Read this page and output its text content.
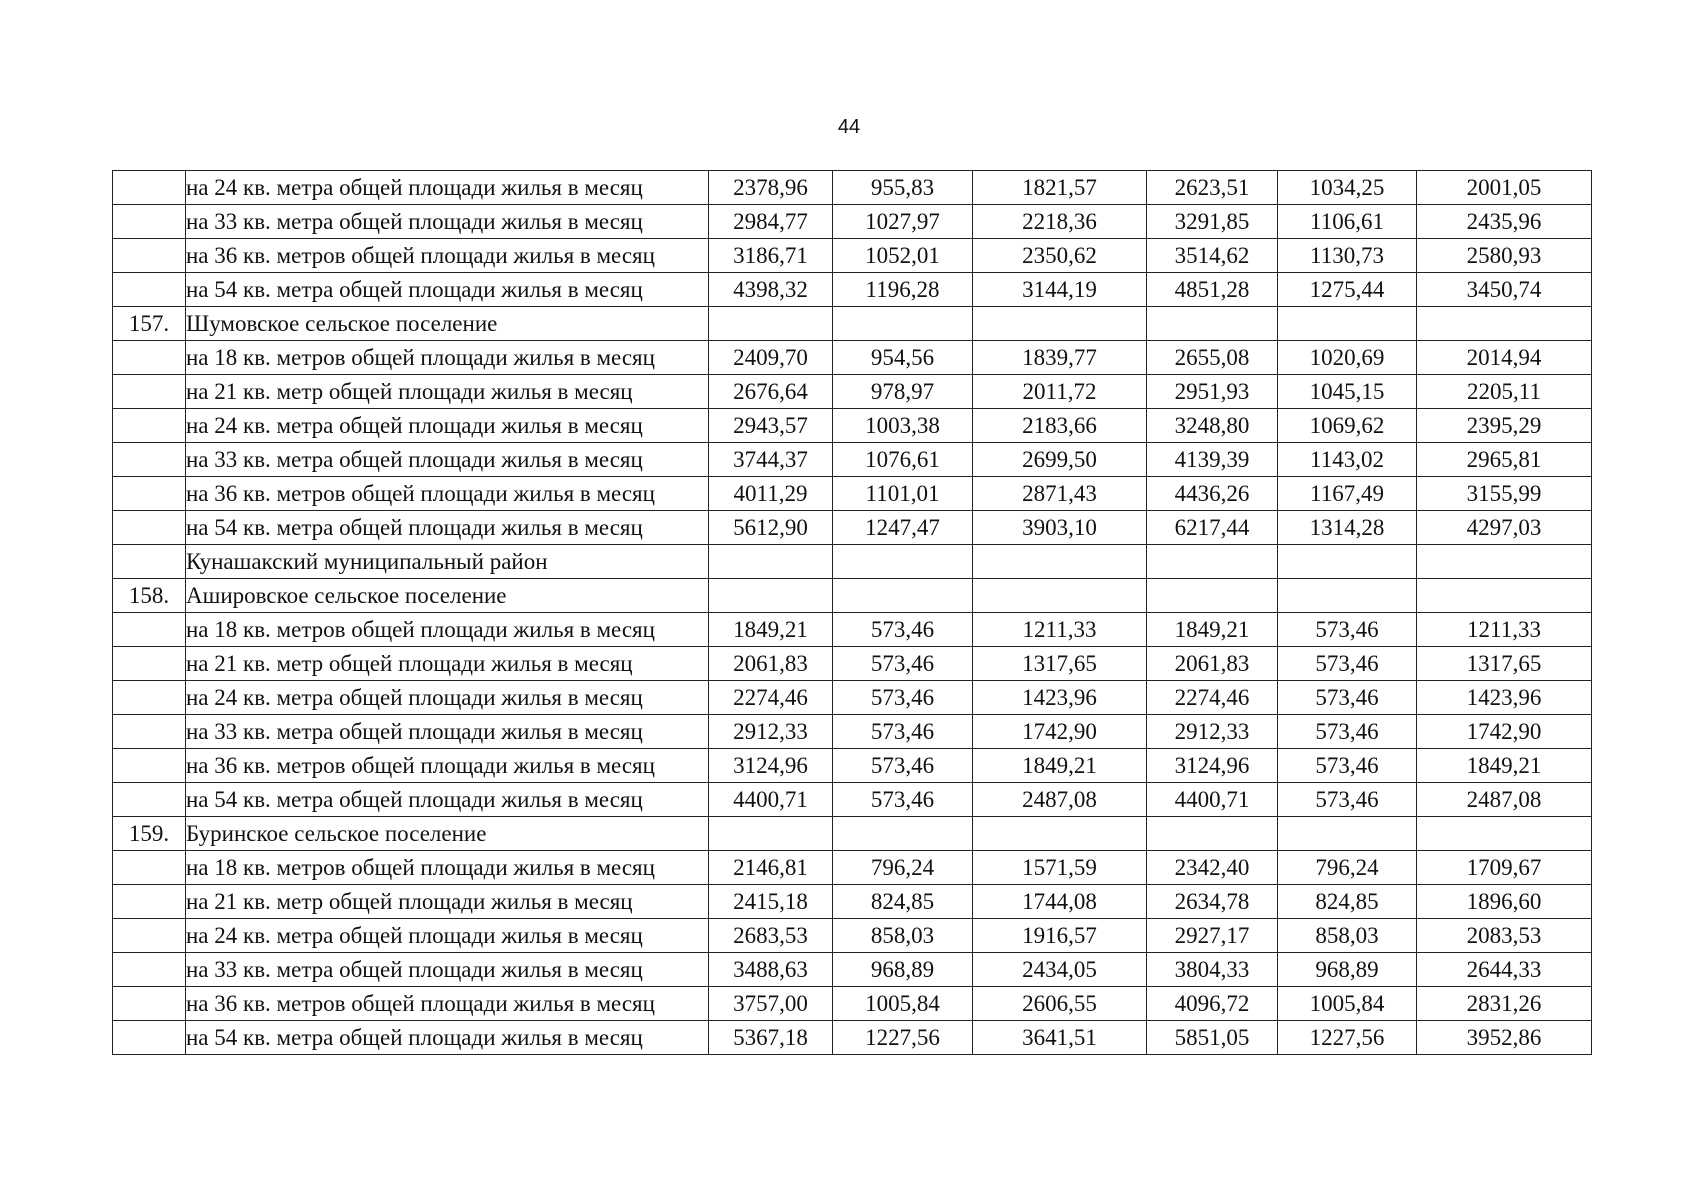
44
	на 24 кв. метра общей площади жилья в месяц	2378,96	955,83	1821,57	2623,51	1034,25	2001,05
	на 33 кв. метра общей площади жилья в месяц	2984,77	1027,97	2218,36	3291,85	1106,61	2435,96
	на 36 кв. метров общей площади жилья в месяц	3186,71	1052,01	2350,62	3514,62	1130,73	2580,93
	на 54 кв. метра общей площади жилья в месяц	4398,32	1196,28	3144,19	4851,28	1275,44	3450,74
157.	Шумовское сельское поселение						
	на 18 кв. метров общей площади жилья в месяц	2409,70	954,56	1839,77	2655,08	1020,69	2014,94
	на 21 кв. метр общей площади жилья в месяц	2676,64	978,97	2011,72	2951,93	1045,15	2205,11
	на 24 кв. метра общей площади жилья в месяц	2943,57	1003,38	2183,66	3248,80	1069,62	2395,29
	на 33 кв. метра общей площади жилья в месяц	3744,37	1076,61	2699,50	4139,39	1143,02	2965,81
	на 36 кв. метров общей площади жилья в месяц	4011,29	1101,01	2871,43	4436,26	1167,49	3155,99
	на 54 кв. метра общей площади жилья в месяц	5612,90	1247,47	3903,10	6217,44	1314,28	4297,03
	Кунашакский муниципальный район						
158.	Аширoвское сельское поселение						
	на 18 кв. метров общей площади жилья в месяц	1849,21	573,46	1211,33	1849,21	573,46	1211,33
	на 21 кв. метр общей площади жилья в месяц	2061,83	573,46	1317,65	2061,83	573,46	1317,65
	на 24 кв. метра общей площади жилья в месяц	2274,46	573,46	1423,96	2274,46	573,46	1423,96
	на 33 кв. метра общей площади жилья в месяц	2912,33	573,46	1742,90	2912,33	573,46	1742,90
	на 36 кв. метров общей площади жилья в месяц	3124,96	573,46	1849,21	3124,96	573,46	1849,21
	на 54 кв. метра общей площади жилья в месяц	4400,71	573,46	2487,08	4400,71	573,46	2487,08
159.	Буринское сельское поселение						
	на 18 кв. метров общей площади жилья в месяц	2146,81	796,24	1571,59	2342,40	796,24	1709,67
	на 21 кв. метр общей площади жилья в месяц	2415,18	824,85	1744,08	2634,78	824,85	1896,60
	на 24 кв. метра общей площади жилья в месяц	2683,53	858,03	1916,57	2927,17	858,03	2083,53
	на 33 кв. метра общей площади жилья в месяц	3488,63	968,89	2434,05	3804,33	968,89	2644,33
	на 36 кв. метров общей площади жилья в месяц	3757,00	1005,84	2606,55	4096,72	1005,84	2831,26
	на 54 кв. метра общей площади жилья в месяц	5367,18	1227,56	3641,51	5851,05	1227,56	3952,86
